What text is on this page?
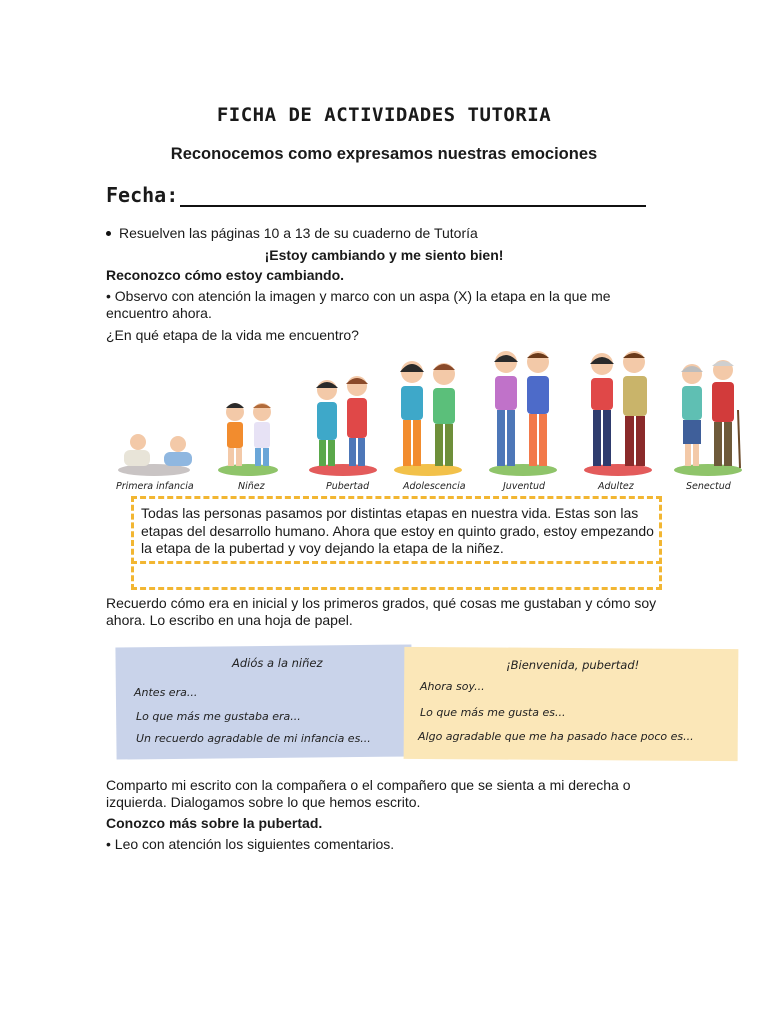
FICHA DE ACTIVIDADES TUTORIA
Reconocemos como expresamos nuestras emociones
Fecha:
Resuelven las páginas 10 a 13 de su cuaderno de Tutoría
¡Estoy cambiando y me siento bien!
Reconozco cómo estoy cambiando.
• Observo con atención la imagen y marco con un aspa (X) la etapa en la que me encuentro ahora.
¿En qué etapa de la vida me encuentro?
Primera infancia	Niñez	Pubertad	Adolescencia	Juventud	Adultez	Senectud
Todas las personas pasamos por distintas etapas en nuestra vida. Estas son las etapas del desarrollo humano. Ahora que estoy en quinto grado, estoy empezando la etapa de la pubertad y voy dejando la etapa de la niñez.
Recuerdo cómo era en inicial y los primeros grados, qué cosas me gustaban y cómo soy ahora. Lo escribo en una hoja de papel.
Adiós a la niñez
Antes era...
Lo que más me gustaba era...
Un recuerdo agradable de mi infancia es...
¡Bienvenida, pubertad!
Ahora soy...
Lo que más me gusta es...
Algo agradable que me ha pasado hace poco es...
Comparto mi escrito con la compañera o el compañero que se sienta a mi derecha o izquierda. Dialogamos sobre lo que hemos escrito.
Conozco más sobre la pubertad.
• Leo con atención los siguientes comentarios.
